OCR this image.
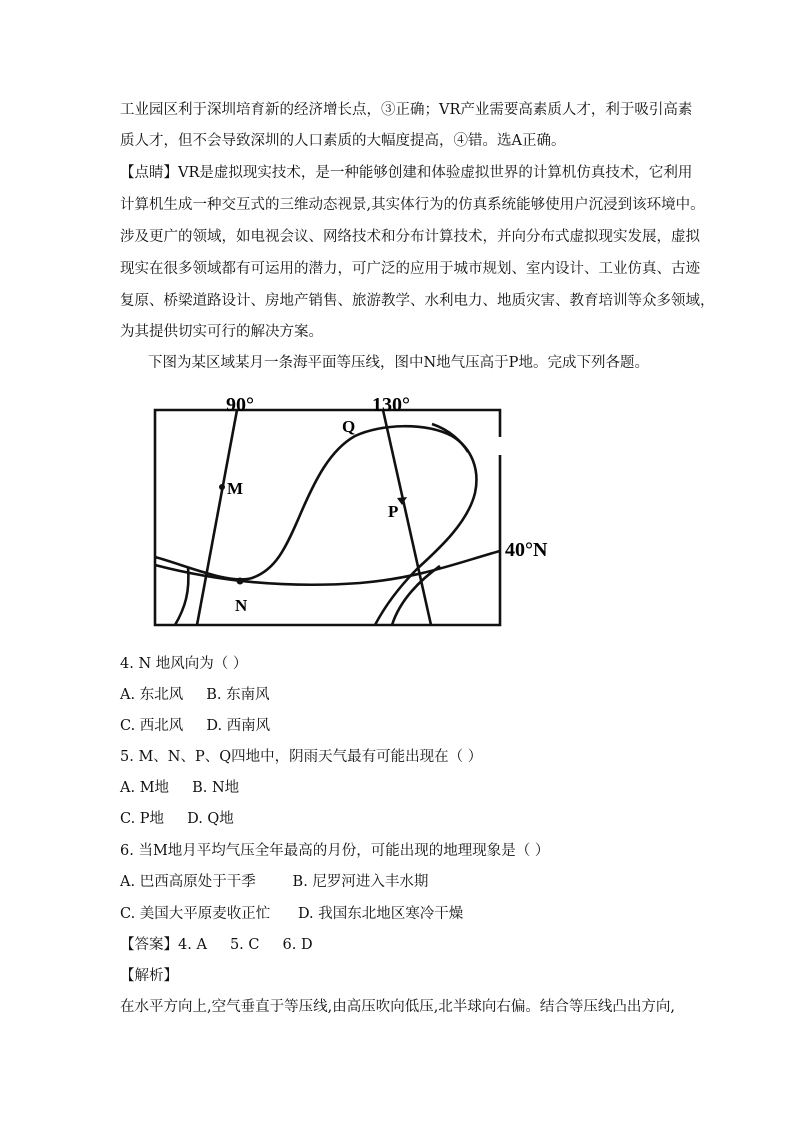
工业园区利于深圳培育新的经济增长点，③正确；VR产业需要高素质人才，利于吸引高素
质人才，但不会导致深圳的人口素质的大幅度提高，④错。选A正确。
【点睛】VR是虚拟现实技术，是一种能够创建和体验虚拟世界的计算机仿真技术，它利用
计算机生成一种交互式的三维动态视景,其实体行为的仿真系统能够使用户沉浸到该环境中。
涉及更广的领域，如电视会议、网络技术和分布计算技术，并向分布式虚拟现实发展，虚拟
现实在很多领域都有可运用的潜力，可广泛的应用于城市规划、室内设计、工业仿真、古迹
复原、桥梁道路设计、房地产销售、旅游教学、水利电力、地质灾害、教育培训等众多领域，
为其提供切实可行的解决方案。
下图为某区域某月一条海平面等压线，图中N地气压高于P地。完成下列各题。
90°	130°
40°N
M
N
P
Q
4. N 地风向为（ ）
A. 东北风     B. 东南风
C. 西北风     D. 西南风
5. M、N、P、Q四地中，阴雨天气最有可能出现在（ ）
A. M地     B. N地
C. P地     D. Q地
6. 当M地月平均气压全年最高的月份，可能出现的地理现象是（ ）
A. 巴西高原处于干季        B. 尼罗河进入丰水期
C. 美国大平原麦收正忙      D. 我国东北地区寒冷干燥
【答案】4. A     5. C     6. D
【解析】
在水平方向上,空气垂直于等压线,由高压吹向低压,北半球向右偏。结合等压线凸出方向,
